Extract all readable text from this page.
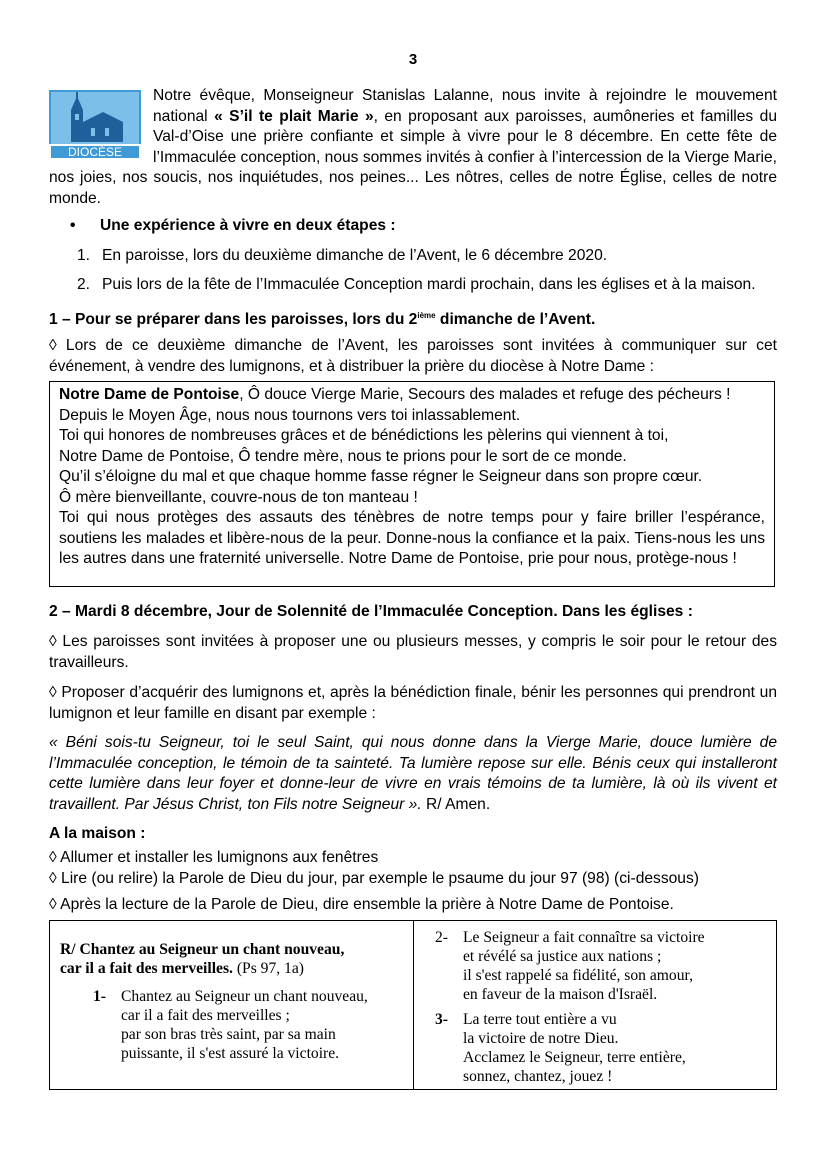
3
DIOCÈSE
Notre évêque, Monseigneur Stanislas Lalanne, nous invite à rejoindre le mouvement national « S’il te plait Marie », en proposant aux paroisses, aumôneries et familles du Val-d’Oise une prière confiante et simple à vivre pour le 8 décembre. En cette fête de l’Immaculée conception, nous sommes invités à confier à l’intercession de la Vierge Marie, nos joies, nos soucis, nos inquiétudes, nos peines... Les nôtres, celles de notre Église, celles de notre monde.
• Une expérience à vivre en deux étapes :
1. En paroisse, lors du deuxième dimanche de l’Avent, le 6 décembre 2020.
2. Puis lors de la fête de l’Immaculée Conception mardi prochain, dans les églises et à la maison.
1 – Pour se préparer dans les paroisses, lors du 2ième dimanche de l’Avent.
◊ Lors de ce deuxième dimanche de l’Avent, les paroisses sont invitées à communiquer sur cet événement, à vendre des lumignons, et à distribuer la prière du diocèse à Notre Dame :
Notre Dame de Pontoise, Ô douce Vierge Marie, Secours des malades et refuge des pécheurs !
Depuis le Moyen Âge, nous nous tournons vers toi inlassablement.
Toi qui honores de nombreuses grâces et de bénédictions les pèlerins qui viennent à toi,
Notre Dame de Pontoise, Ô tendre mère, nous te prions pour le sort de ce monde.
Qu’il s’éloigne du mal et que chaque homme fasse régner le Seigneur dans son propre cœur.
Ô mère bienveillante, couvre-nous de ton manteau !
Toi qui nous protèges des assauts des ténèbres de notre temps pour y faire briller l’espérance, soutiens les malades et libère-nous de la peur. Donne-nous la confiance et la paix. Tiens-nous les uns les autres dans une fraternité universelle. Notre Dame de Pontoise, prie pour nous, protège-nous !
2 – Mardi 8 décembre, Jour de Solennité de l’Immaculée Conception. Dans les églises :
◊ Les paroisses sont invitées à proposer une ou plusieurs messes, y compris le soir pour le retour des travailleurs.
◊ Proposer d’acquérir des lumignons et, après la bénédiction finale, bénir les personnes qui prendront un lumignon et leur famille en disant par exemple :
« Béni sois-tu Seigneur, toi le seul Saint, qui nous donne dans la Vierge Marie, douce lumière de l’Immaculée conception, le témoin de ta sainteté. Ta lumière repose sur elle. Bénis ceux qui installeront cette lumière dans leur foyer et donne-leur de vivre en vrais témoins de ta lumière, là où ils vivent et travaillent. Par Jésus Christ, ton Fils notre Seigneur ». R/ Amen.
A la maison :
◊ Allumer et installer les lumignons aux fenêtres
◊ Lire (ou relire) la Parole de Dieu du jour, par exemple le psaume du jour 97 (98) (ci-dessous)
◊ Après la lecture de la Parole de Dieu, dire ensemble la prière à Notre Dame de Pontoise.
R/ Chantez au Seigneur un chant nouveau,
car il a fait des merveilles. (Ps 97, 1a)
1- Chantez au Seigneur un chant nouveau,
car il a fait des merveilles ;
par son bras très saint, par sa main
puissante, il s'est assuré la victoire.
2- Le Seigneur a fait connaître sa victoire
et révélé sa justice aux nations ;
il s'est rappelé sa fidélité, son amour,
en faveur de la maison d'Israël.
3- La terre tout entière a vu
la victoire de notre Dieu.
Acclamez le Seigneur, terre entière,
sonnez, chantez, jouez !
